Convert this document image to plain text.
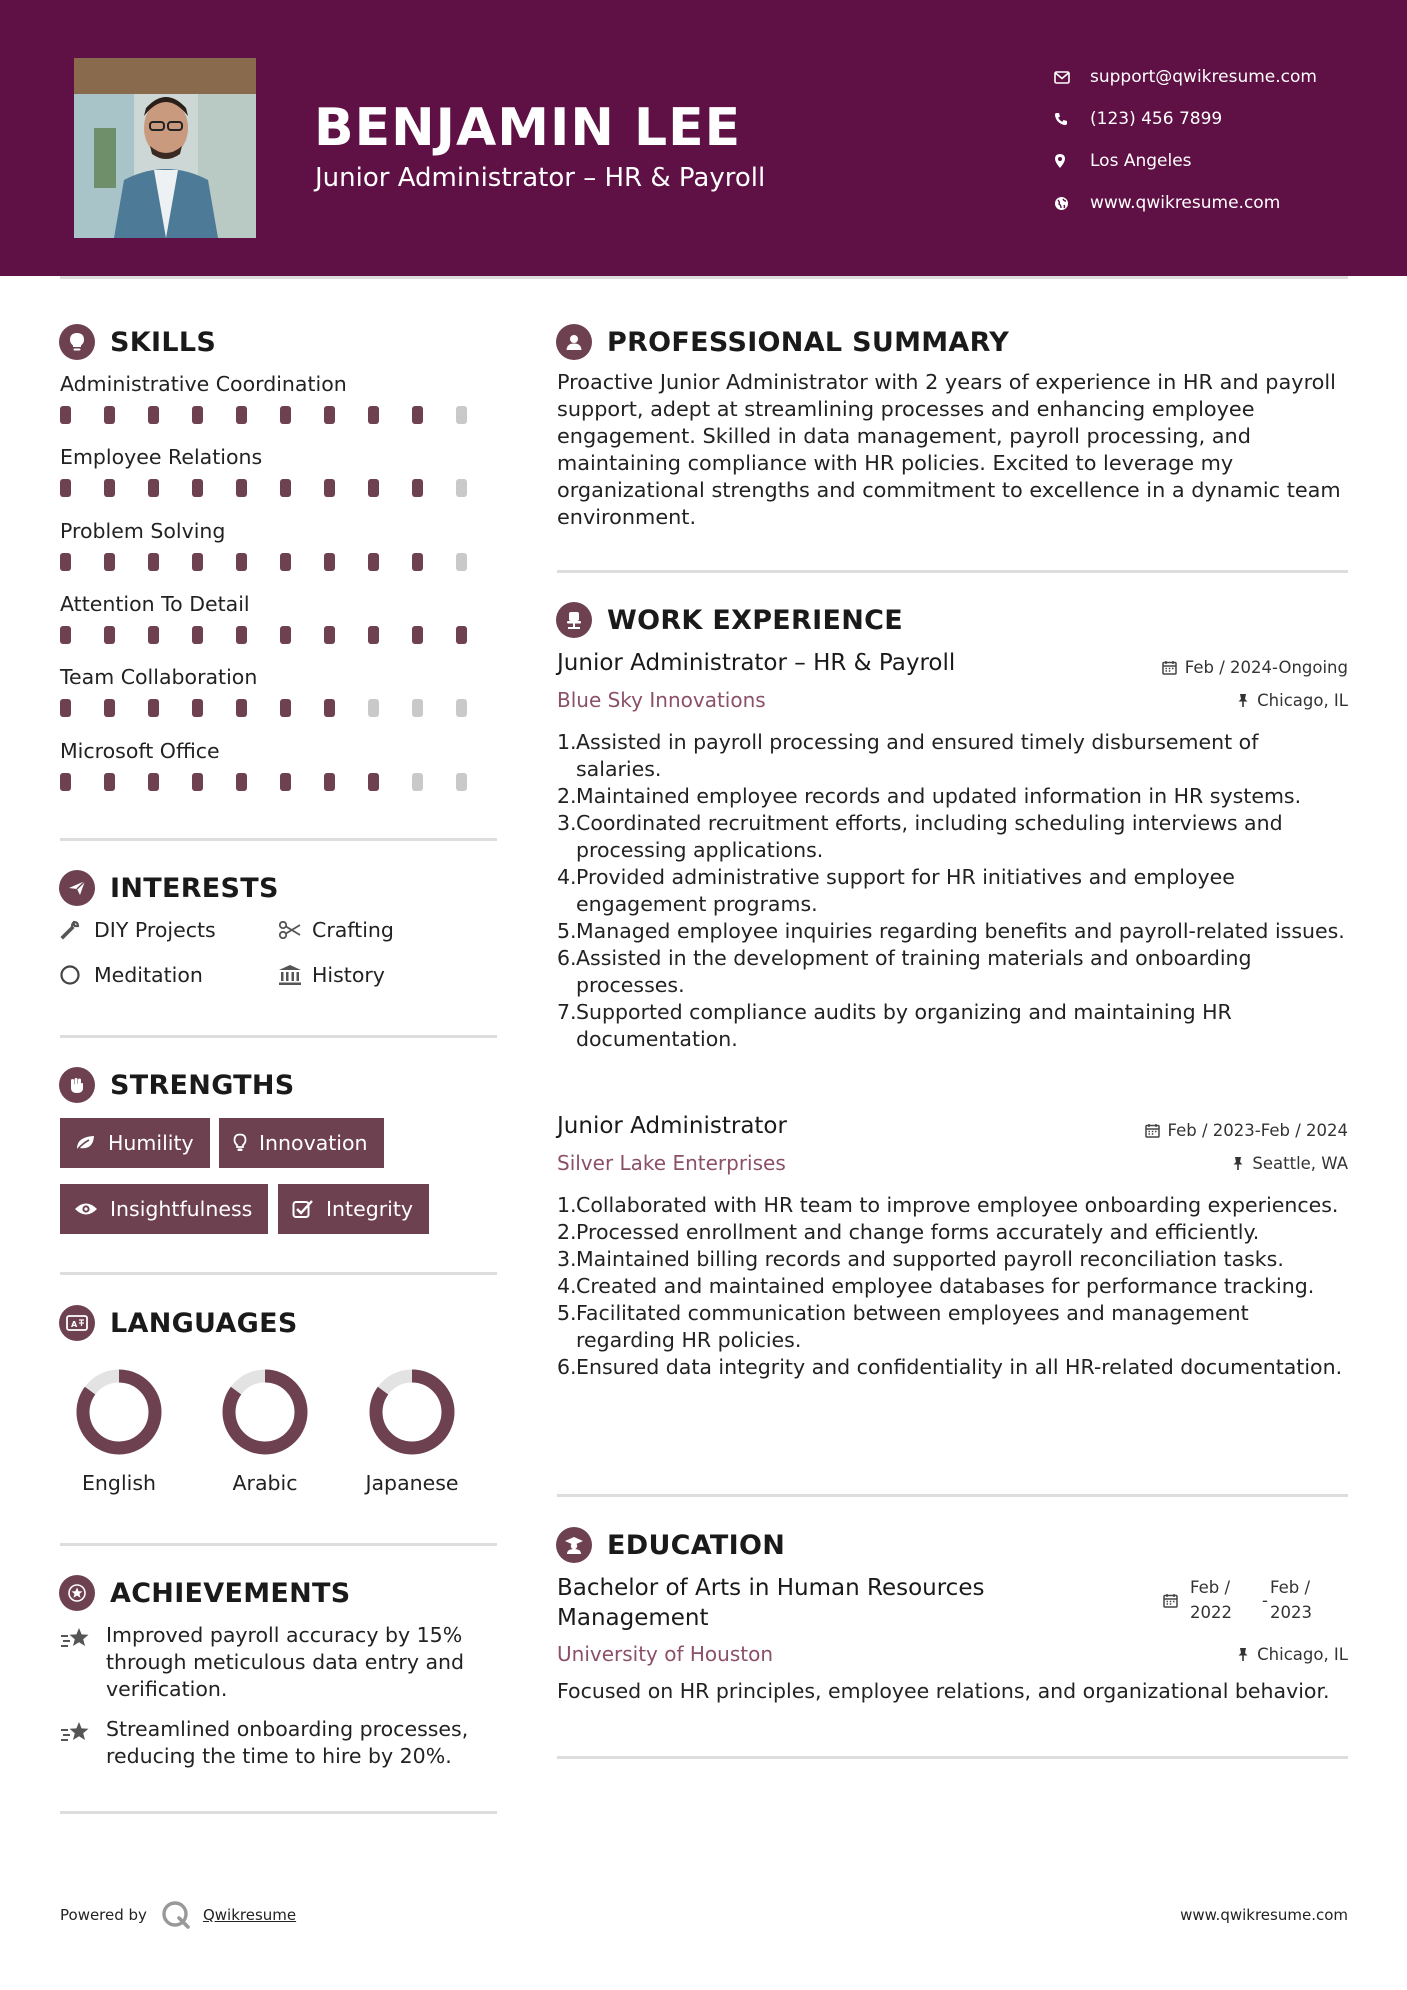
BENJAMIN LEE
Junior Administrator – HR & Payroll
support@qwikresume.com
(123) 456 7899
Los Angeles
www.qwikresume.com
SKILLS
Administrative Coordination
Employee Relations
Problem Solving
Attention To Detail
Team Collaboration
Microsoft Office
INTERESTS
DIY Projects	Crafting
Meditation	History
STRENGTHS
Humility	Innovation
Insightfulness	Integrity
A LANGUAGES
English	Arabic	Japanese
ACHIEVEMENTS
Improved payroll accuracy by 15% through meticulous data entry and verification.
Streamlined onboarding processes, reducing the time to hire by 20%.
PROFESSIONAL SUMMARY
Proactive Junior Administrator with 2 years of experience in HR and payroll support, adept at streamlining processes and enhancing employee engagement. Skilled in data management, payroll processing, and maintaining compliance with HR policies. Excited to leverage my organizational strengths and commitment to excellence in a dynamic team environment.
WORK EXPERIENCE
Junior Administrator – HR & Payroll	Feb / 2024-Ongoing
Blue Sky Innovations	Chicago, IL
1. Assisted in payroll processing and ensured timely disbursement of salaries.
2. Maintained employee records and updated information in HR systems.
3. Coordinated recruitment efforts, including scheduling interviews and processing applications.
4. Provided administrative support for HR initiatives and employee engagement programs.
5. Managed employee inquiries regarding benefits and payroll-related issues.
6. Assisted in the development of training materials and onboarding processes.
7. Supported compliance audits by organizing and maintaining HR documentation.
Junior Administrator	Feb / 2023-Feb / 2024
Silver Lake Enterprises	Seattle, WA
1. Collaborated with HR team to improve employee onboarding experiences.
2. Processed enrollment and change forms accurately and efficiently.
3. Maintained billing records and supported payroll reconciliation tasks.
4. Created and maintained employee databases for performance tracking.
5. Facilitated communication between employees and management regarding HR policies.
6. Ensured data integrity and confidentiality in all HR-related documentation.
EDUCATION
Bachelor of Arts in Human Resources
Management
Feb /
2022
-
Feb /
2023
University of Houston	Chicago, IL
Focused on HR principles, employee relations, and organizational behavior.
Powered by	Qwikresume	www.qwikresume.com
